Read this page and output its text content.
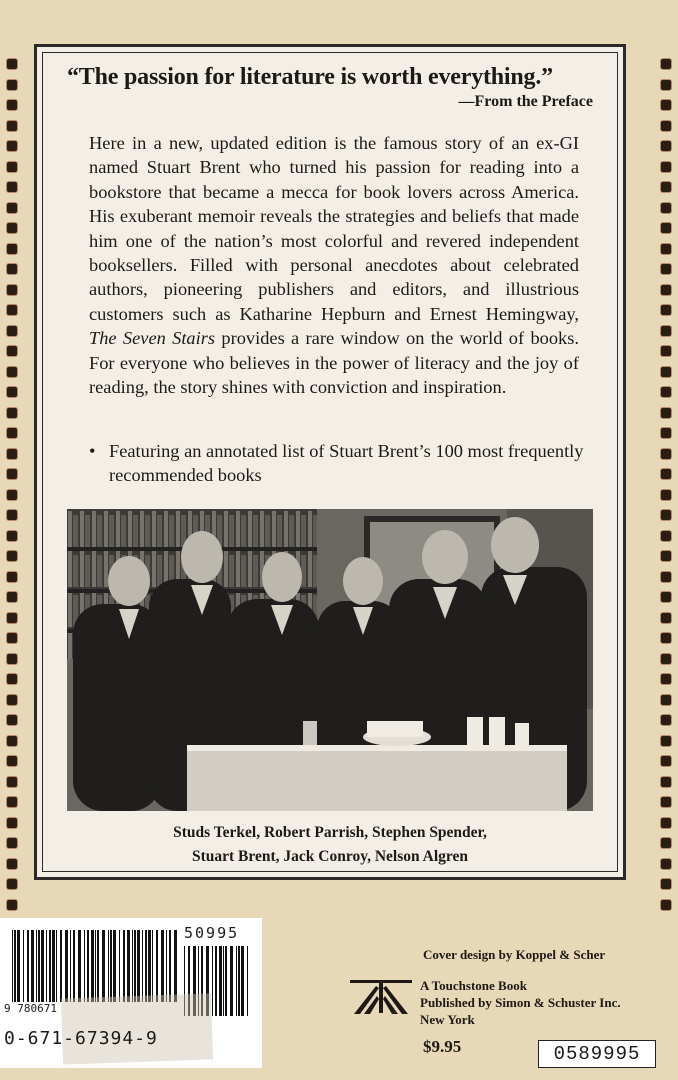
“The passion for literature is worth everything.”
—From the Preface
Here in a new, updated edition is the famous story of an ex-GI named Stuart Brent who turned his passion for reading into a bookstore that became a mecca for book lovers across America. His exuberant memoir reveals the strategies and beliefs that made him one of the nation’s most colorful and revered independent booksellers. Filled with personal anecdotes about celebrated authors, pioneering publishers and editors, and illustrious customers such as Katharine Hepburn and Ernest Hemingway, The Seven Stairs provides a rare window on the world of books. For everyone who believes in the power of literacy and the joy of reading, the story shines with conviction and inspiration.
• Featuring an annotated list of Stuart Brent’s 100 most frequently recommended books
Studs Terkel, Robert Parrish, Stephen Spender,
Stuart Brent, Jack Conroy, Nelson Algren
50995
9 780671
0-671-67394-9
Cover design by Koppel & Scher
A Touchstone Book
Published by Simon & Schuster Inc.
New York
$9.95	0589995
